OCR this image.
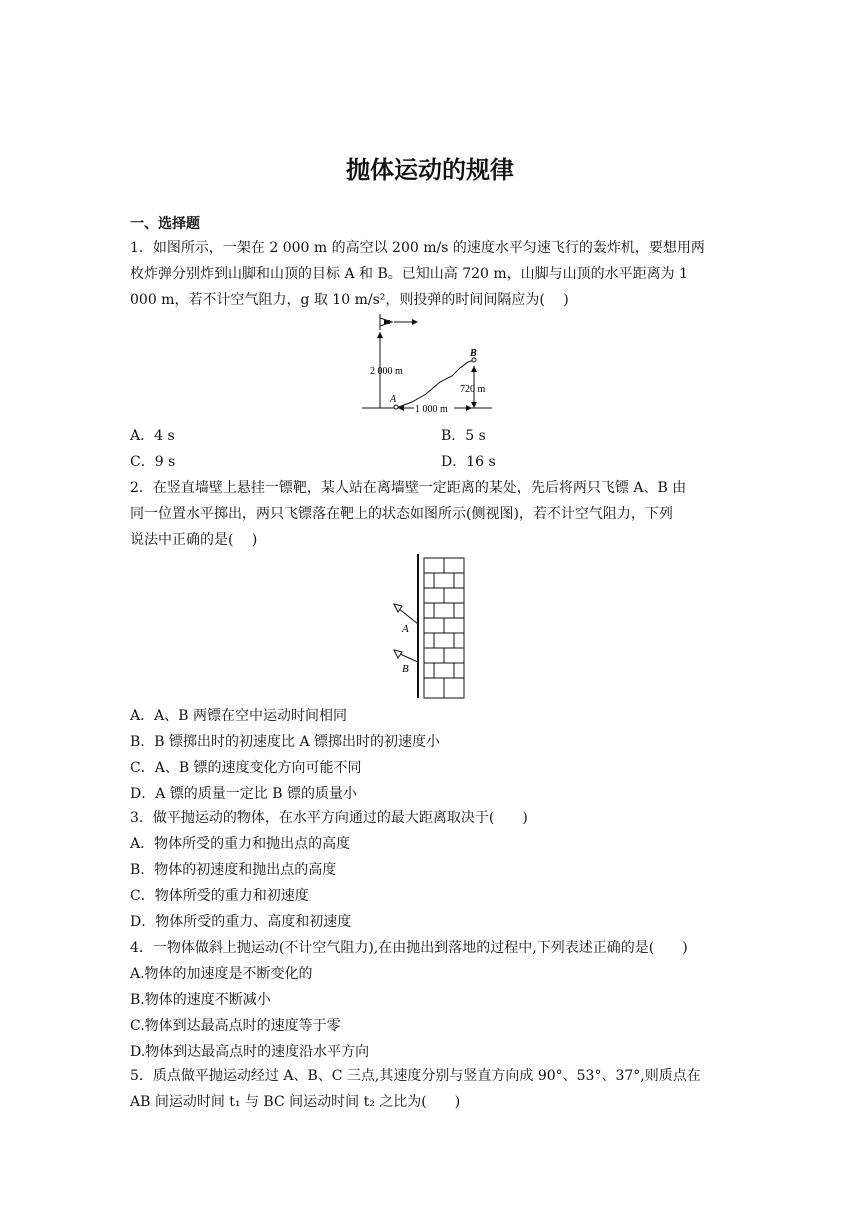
抛体运动的规律
一、选择题
1．如图所示，一架在 2 000 m 的高空以 200 m/s 的速度水平匀速飞行的轰炸机，要想用两
枚炸弹分别炸到山脚和山顶的目标 A 和 B。已知山高 720 m，山脚与山顶的水平距离为 1
000 m，若不计空气阻力，g 取 10 m/s²，则投弹的时间间隔应为(　 )
2 000 m
A
B
720 m
1 000 m
A．4 s	B．5 s
C．9 s	D．16 s
2．在竖直墙壁上悬挂一镖靶，某人站在离墙壁一定距离的某处，先后将两只飞镖 A、B 由
同一位置水平掷出，两只飞镖落在靶上的状态如图所示(侧视图)，若不计空气阻力，下列
说法中正确的是(　 )
A
B
A．A、B 两镖在空中运动时间相同
B．B 镖掷出时的初速度比 A 镖掷出时的初速度小
C．A、B 镖的速度变化方向可能不同
D．A 镖的质量一定比 B 镖的质量小
3．做平抛运动的物体，在水平方向通过的最大距离取决于(　　)
A．物体所受的重力和抛出点的高度
B．物体的初速度和抛出点的高度
C．物体所受的重力和初速度
D．物体所受的重力、高度和初速度
4．一物体做斜上抛运动(不计空气阻力),在由抛出到落地的过程中,下列表述正确的是(　　)
A.物体的加速度是不断变化的
B.物体的速度不断减小
C.物体到达最高点时的速度等于零
D.物体到达最高点时的速度沿水平方向
5．质点做平抛运动经过 A、B、C 三点,其速度分别与竖直方向成 90°、53°、37°,则质点在
AB 间运动时间 t₁ 与 BC 间运动时间 t₂ 之比为(　　)
